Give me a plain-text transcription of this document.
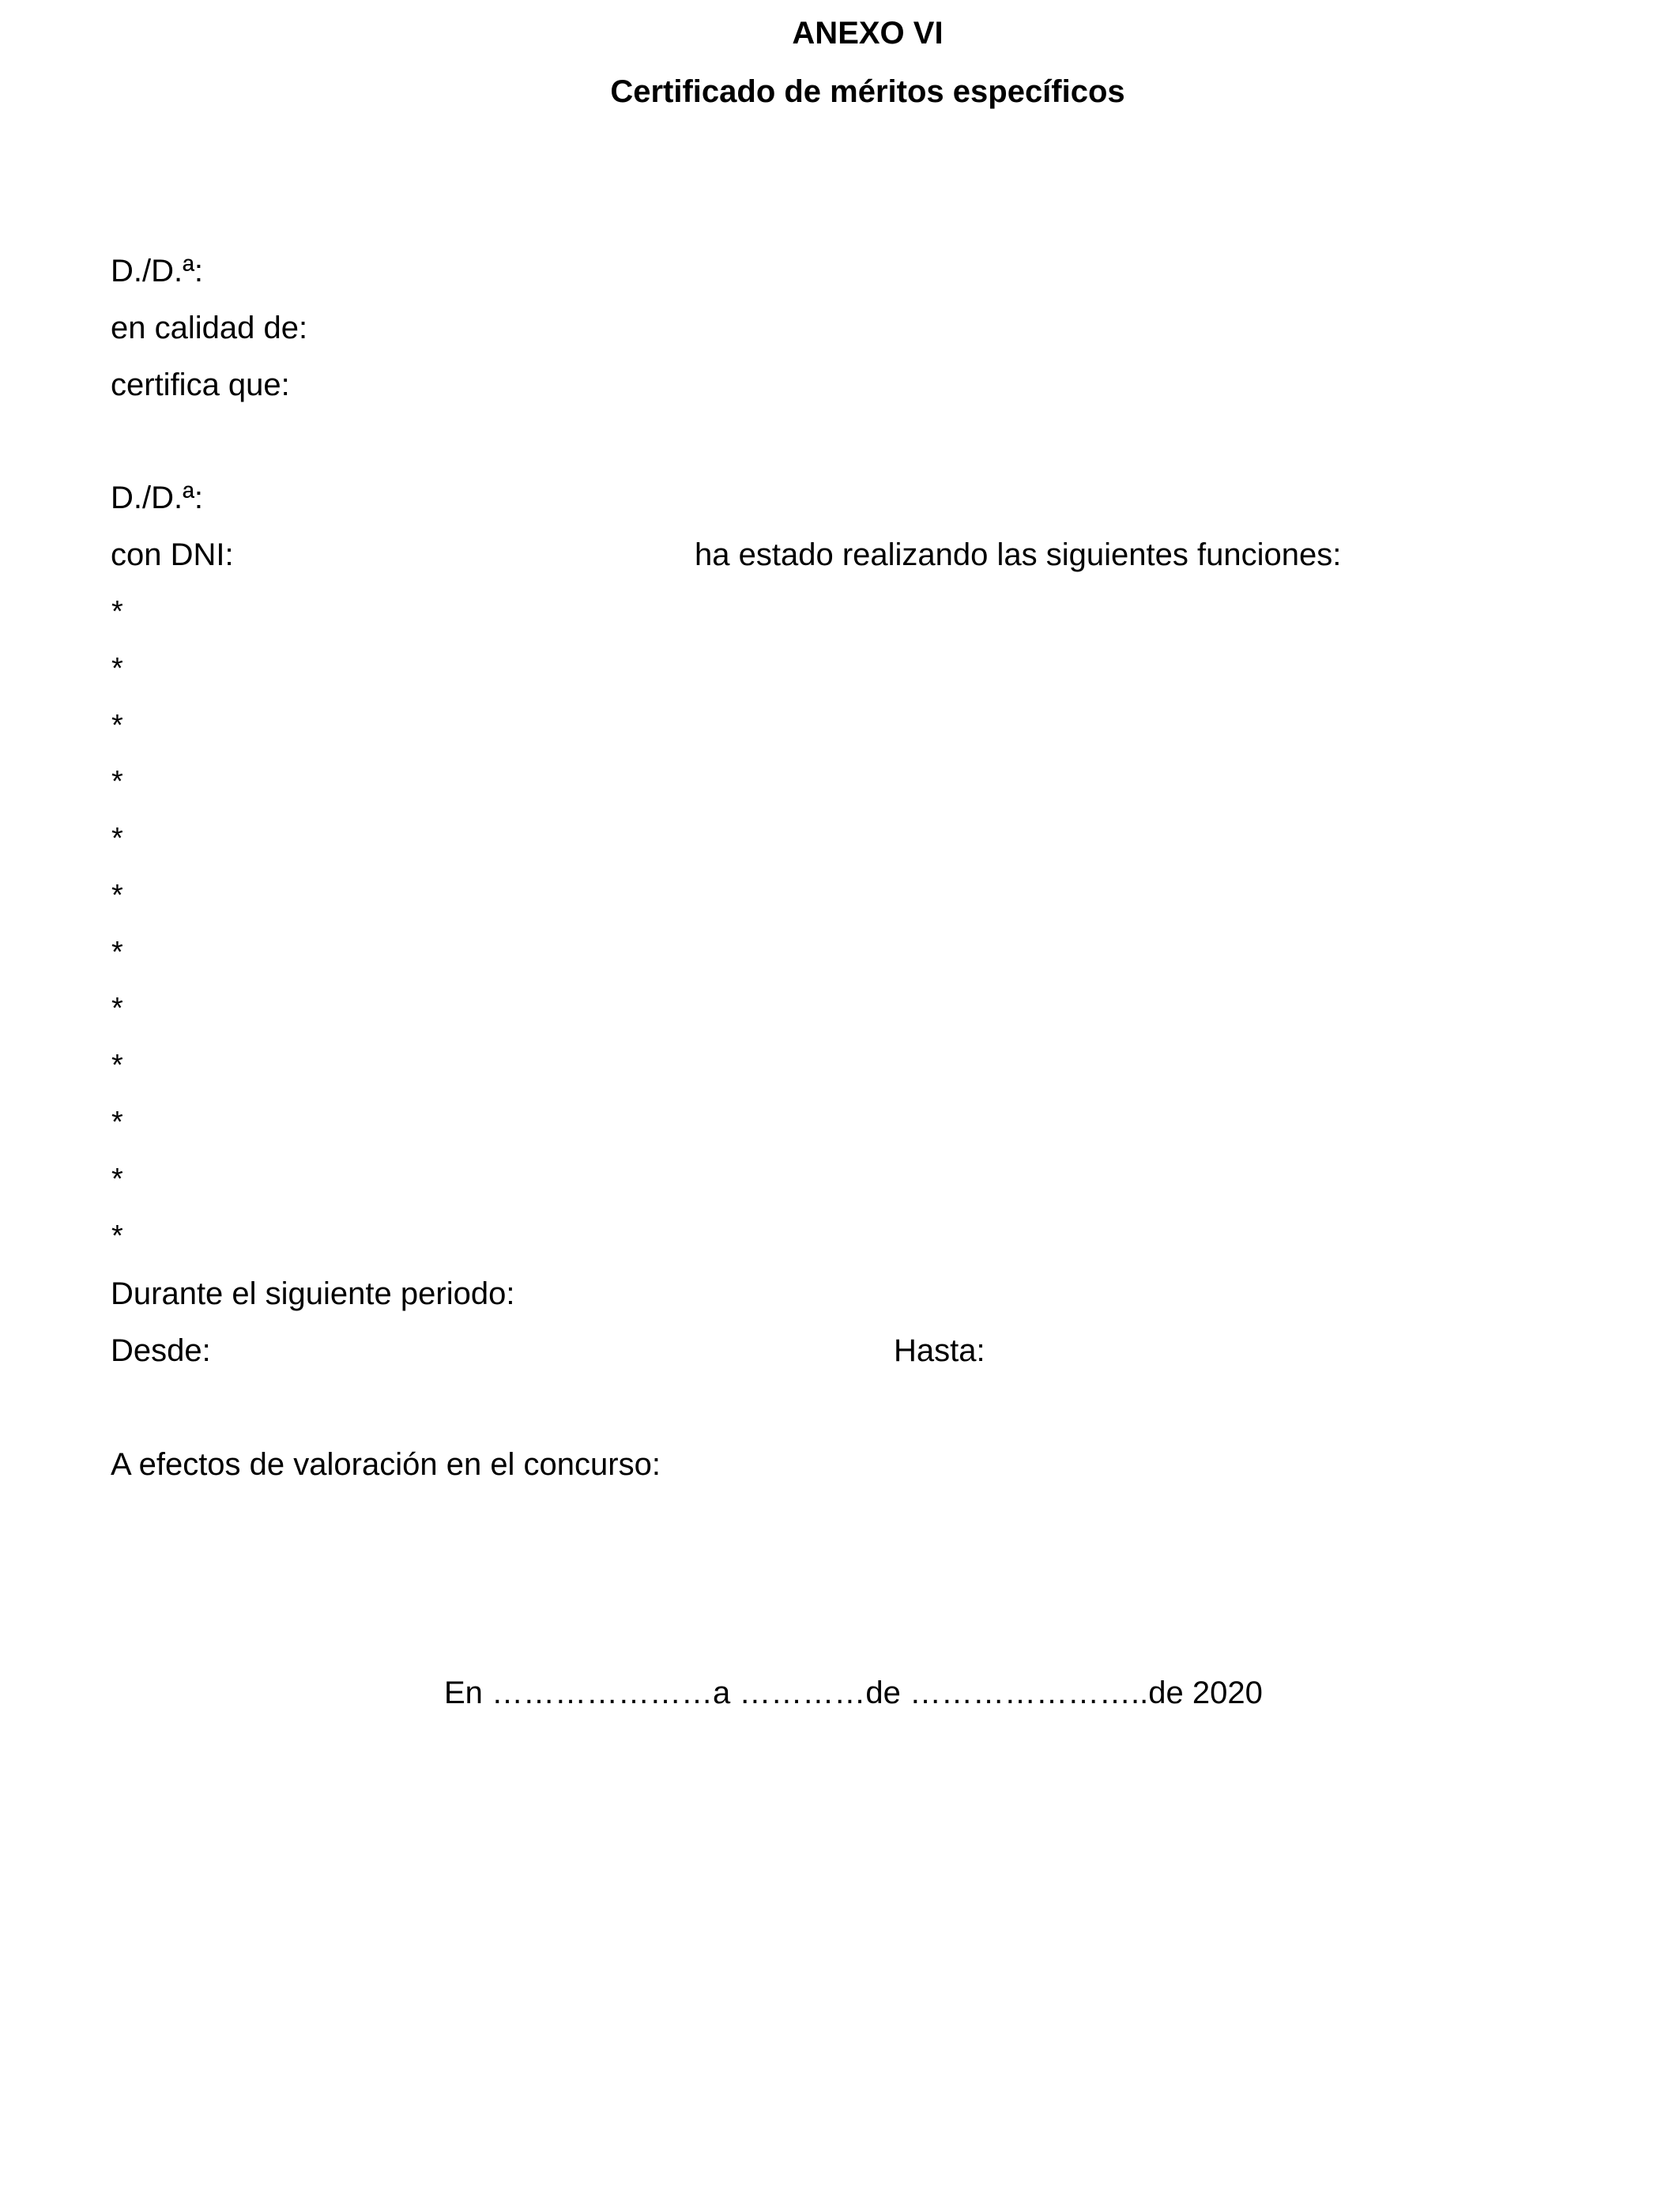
ANEXO VI
Certificado de méritos específicos
D./D.ª:
en calidad de:
certifica que:
D./D.ª:
con DNI:	ha estado realizando las siguientes funciones:
*
*
*
*
*
*
*
*
*
*
*
*
Durante el siguiente periodo:
Desde:	Hasta:
A efectos de valoración en el concurso:
En …………………a …………de …………………..de 2020
